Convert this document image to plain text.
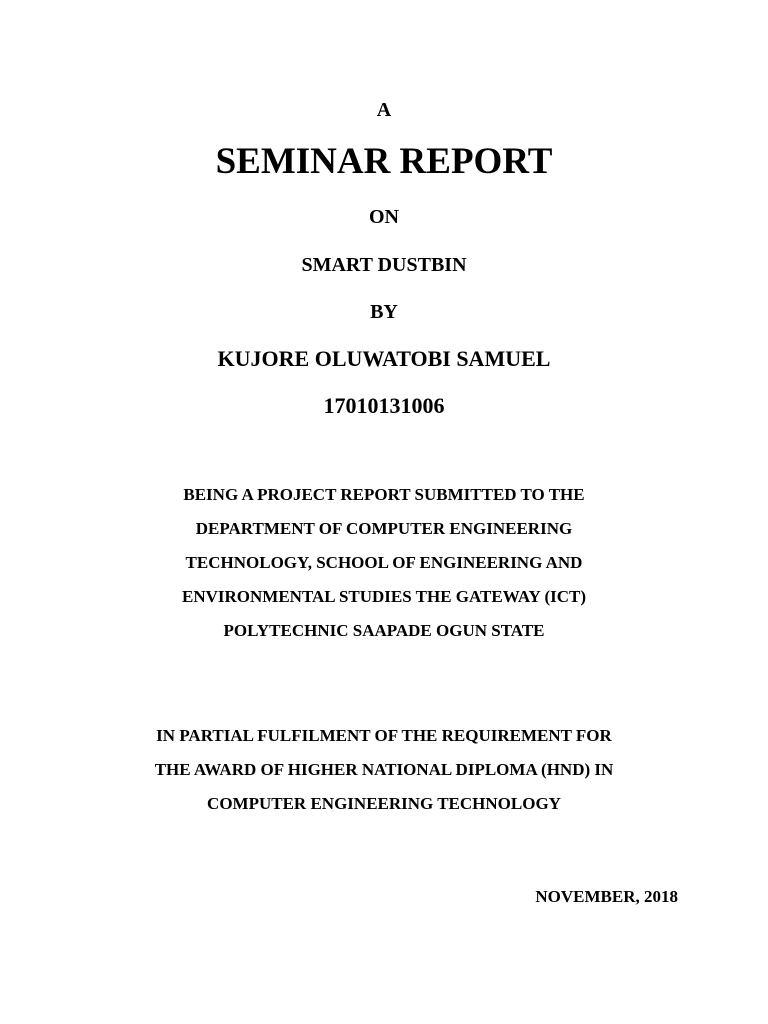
A
SEMINAR REPORT
ON
SMART DUSTBIN
BY
KUJORE OLUWATOBI SAMUEL
17010131006
BEING A PROJECT REPORT SUBMITTED TO THE
DEPARTMENT OF COMPUTER ENGINEERING
TECHNOLOGY, SCHOOL OF ENGINEERING AND
ENVIRONMENTAL STUDIES THE GATEWAY (ICT)
POLYTECHNIC SAAPADE OGUN STATE
IN PARTIAL FULFILMENT OF THE REQUIREMENT FOR
THE AWARD OF HIGHER NATIONAL DIPLOMA (HND) IN
COMPUTER ENGINEERING TECHNOLOGY
NOVEMBER, 2018
